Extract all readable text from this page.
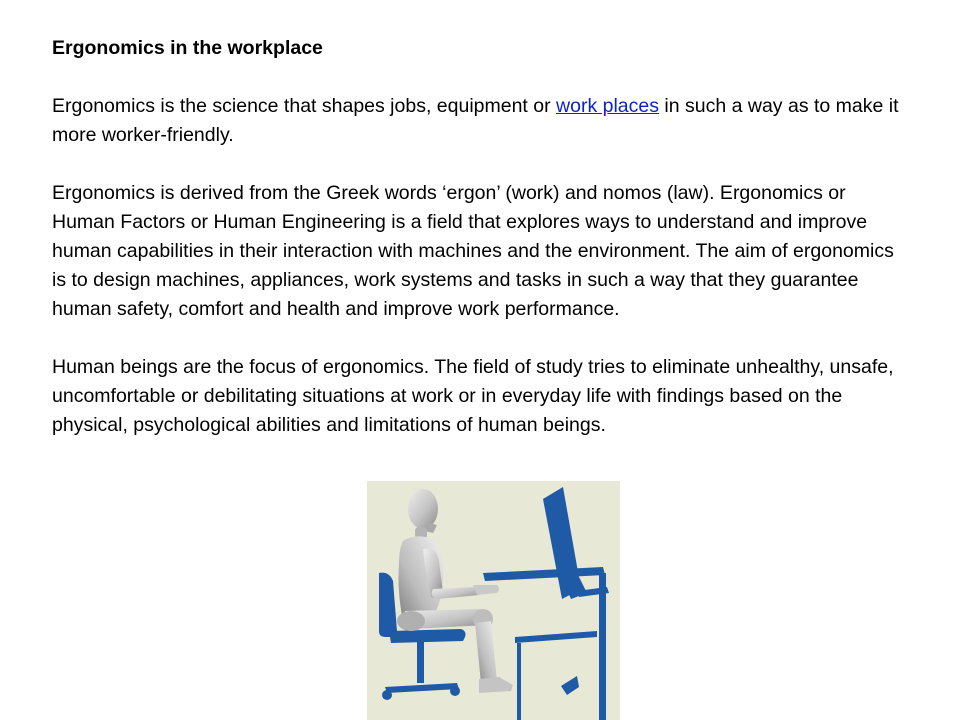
Ergonomics in the workplace
Ergonomics is the science that shapes jobs, equipment or work places in such a way as to make it more worker-friendly.
Ergonomics is derived from the Greek words ‘ergon’ (work) and nomos (law). Ergonomics or Human Factors or Human Engineering is a field that explores ways to understand and improve human capabilities in their interaction with machines and the environment. The aim of ergonomics is to design machines, appliances, work systems and tasks in such a way that they guarantee human safety, comfort and health and improve work performance.
Human beings are the focus of ergonomics. The field of study tries to eliminate unhealthy, unsafe, uncomfortable or debilitating situations at work or in everyday life with findings based on the physical, psychological abilities and limitations of human beings.
